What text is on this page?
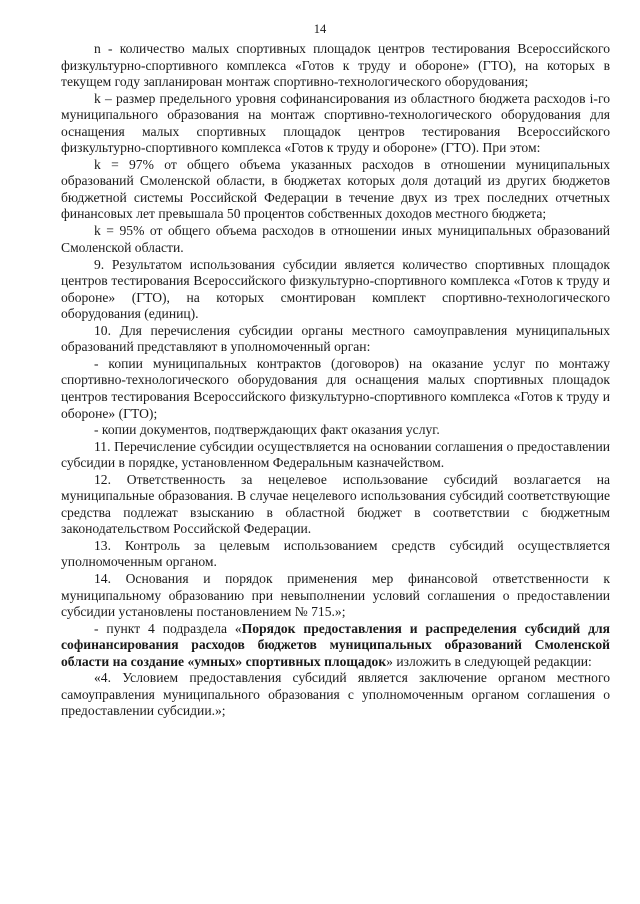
14

n - количество малых спортивных площадок центров тестирования Всероссийского физкультурно-спортивного комплекса «Готов к труду и обороне» (ГТО), на которых в текущем году запланирован монтаж спортивно-технологического оборудования;

k – размер предельного уровня софинансирования из областного бюджета расходов i-го муниципального образования на монтаж спортивно-технологического оборудования для оснащения малых спортивных площадок центров тестирования Всероссийского физкультурно-спортивного комплекса «Готов к труду и обороне» (ГТО). При этом:

k = 97% от общего объема указанных расходов в отношении муниципальных образований Смоленской области, в бюджетах которых доля дотаций из других бюджетов бюджетной системы Российской Федерации в течение двух из трех последних отчетных финансовых лет превышала 50 процентов собственных доходов местного бюджета;

k = 95% от общего объема расходов в отношении иных муниципальных образований Смоленской области.

9. Результатом использования субсидии является количество спортивных площадок центров тестирования Всероссийского физкультурно-спортивного комплекса «Готов к труду и обороне» (ГТО), на которых смонтирован комплект спортивно-технологического оборудования (единиц).

10. Для перечисления субсидии органы местного самоуправления муниципальных образований представляют в уполномоченный орган:

- копии муниципальных контрактов (договоров) на оказание услуг по монтажу спортивно-технологического оборудования для оснащения малых спортивных площадок центров тестирования Всероссийского физкультурно-спортивного комплекса «Готов к труду и обороне» (ГТО);

- копии документов, подтверждающих факт оказания услуг.

11. Перечисление субсидии осуществляется на основании соглашения о предоставлении субсидии в порядке, установленном Федеральным казначейством.

12. Ответственность за нецелевое использование субсидий возлагается на муниципальные образования. В случае нецелевого использования субсидий соответствующие средства подлежат взысканию в областной бюджет в соответствии с бюджетным законодательством Российской Федерации.

13. Контроль за целевым использованием средств субсидий осуществляется уполномоченным органом.

14. Основания и порядок применения мер финансовой ответственности к муниципальному образованию при невыполнении условий соглашения о предоставлении субсидии установлены постановлением № 715.»;

- пункт 4 подраздела «Порядок предоставления и распределения субсидий для софинансирования расходов бюджетов муниципальных образований Смоленской области на создание «умных» спортивных площадок» изложить в следующей редакции:

«4. Условием предоставления субсидий является заключение органом местного самоуправления муниципального образования с уполномоченным органом соглашения о предоставлении субсидии.»;
